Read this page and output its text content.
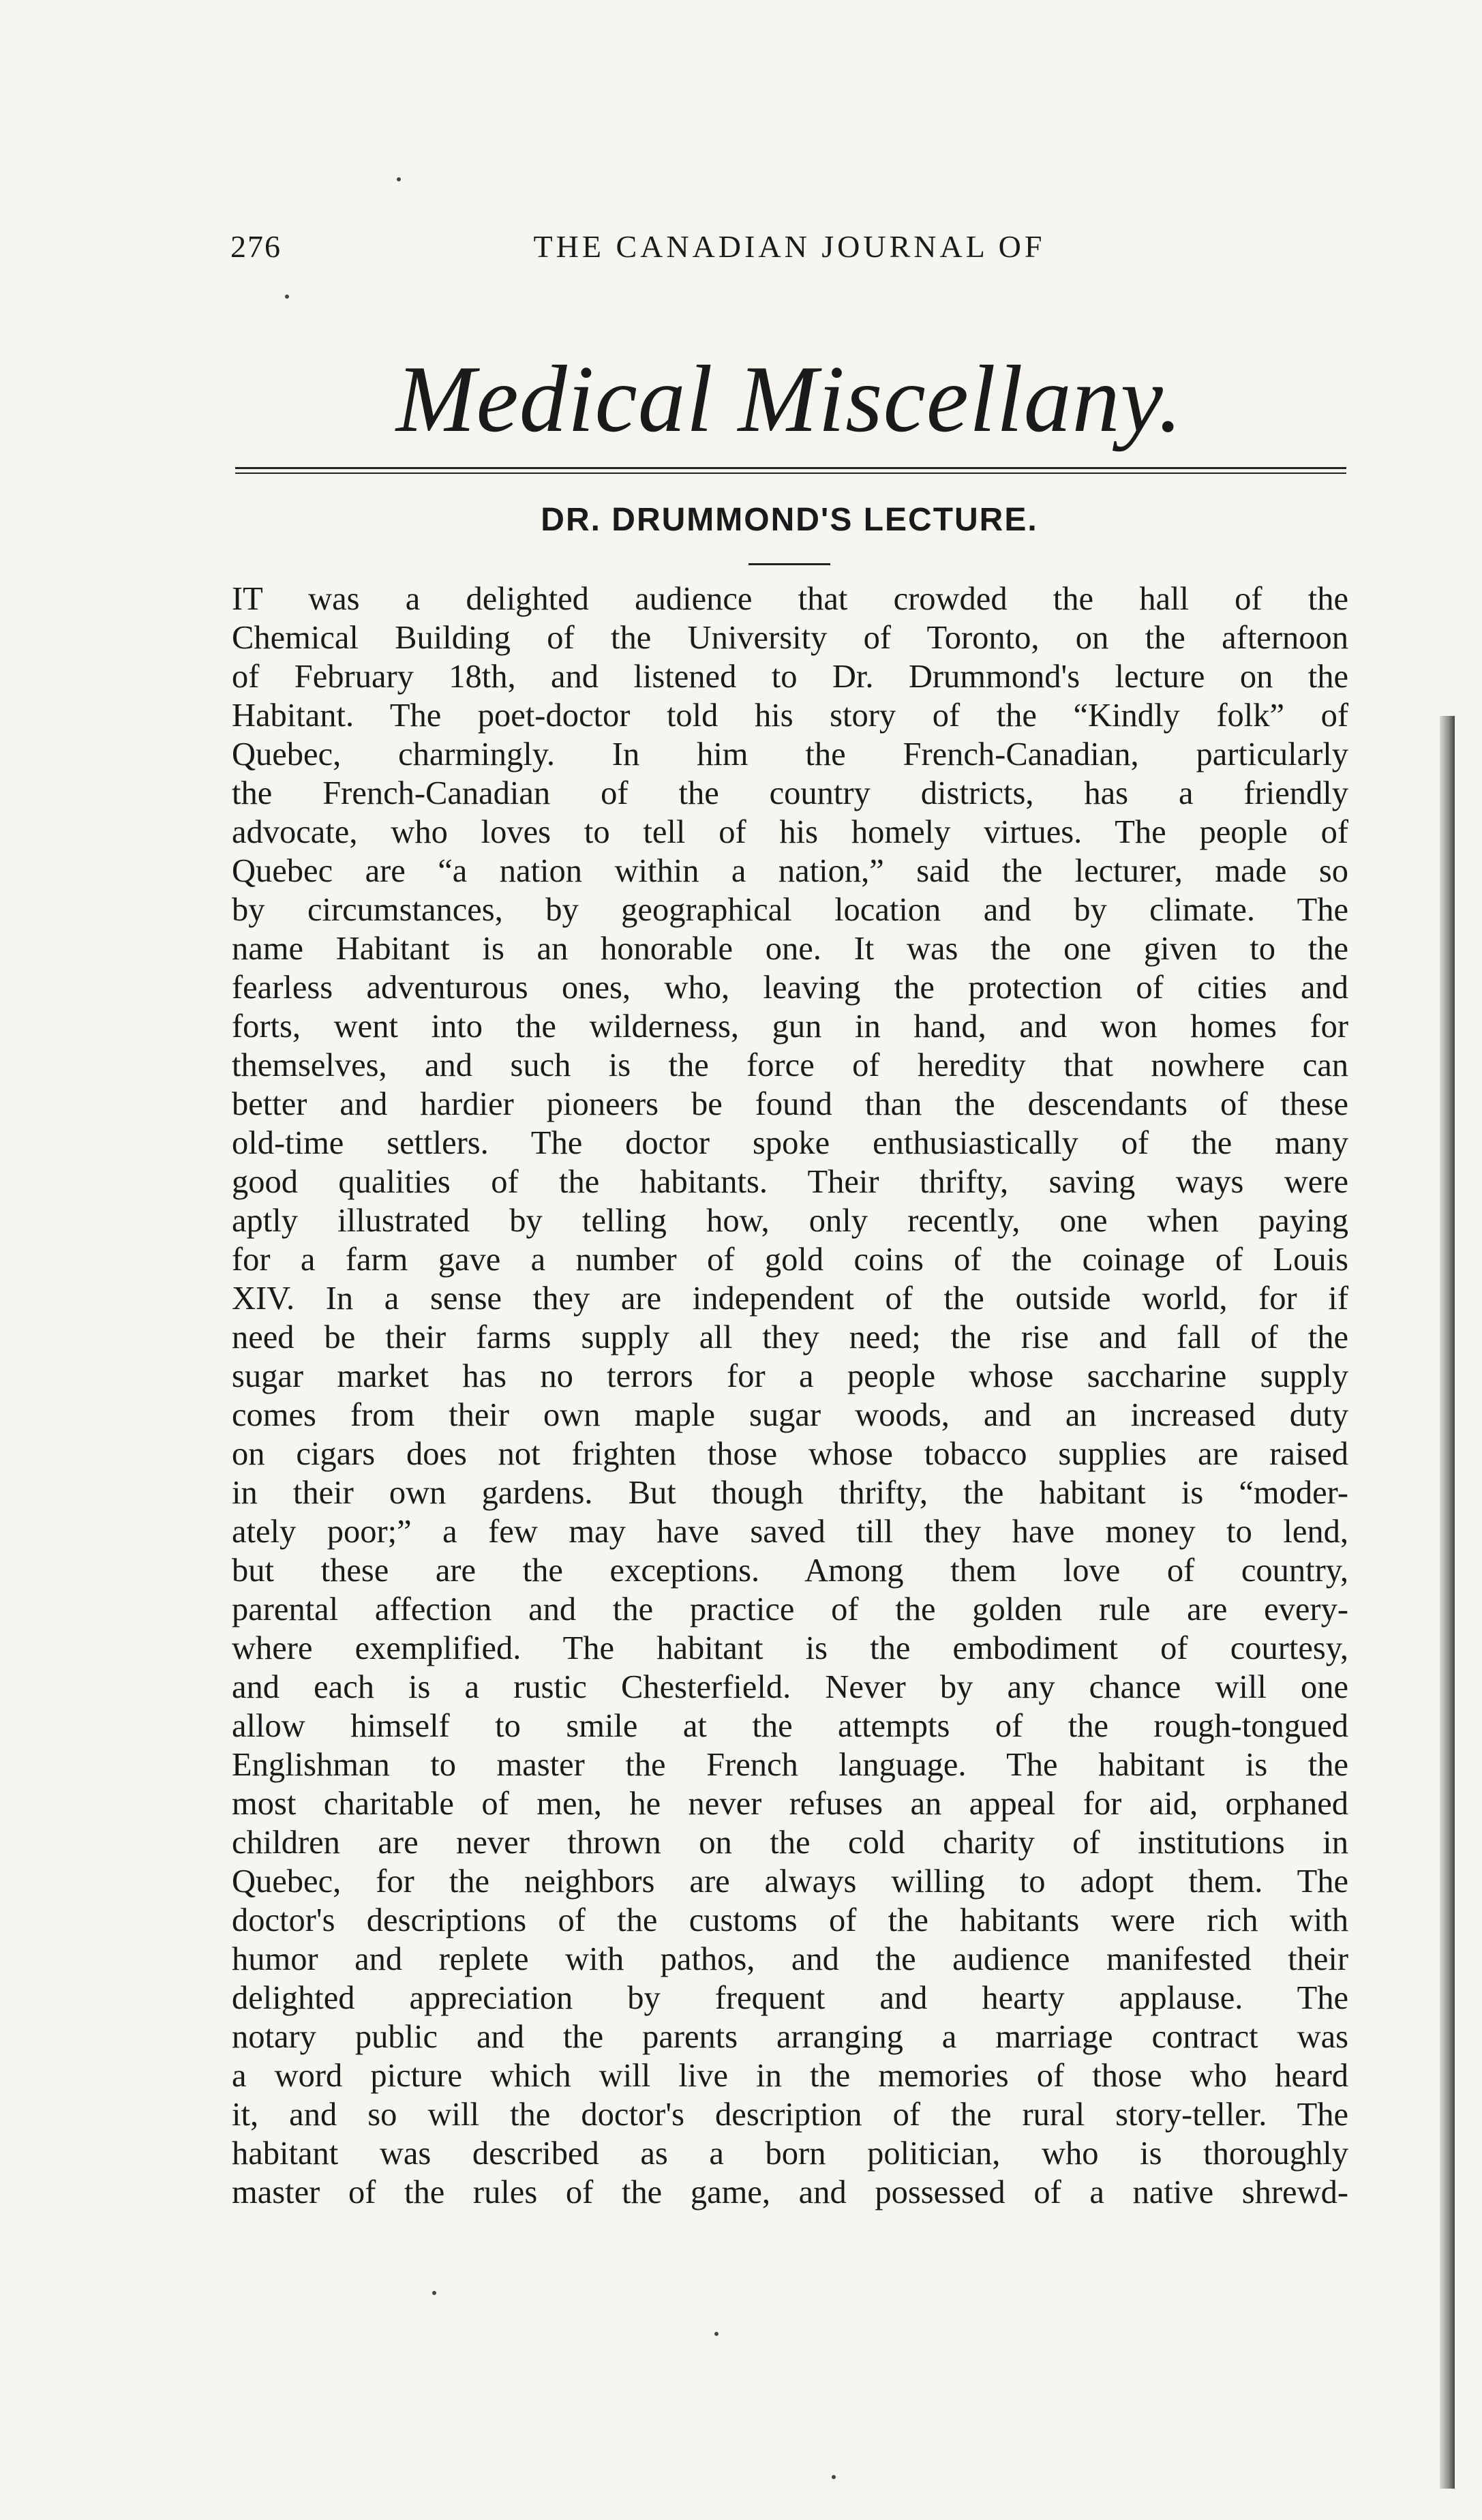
276	THE CANADIAN JOURNAL OF
Medical Miscellany.
DR. DRUMMOND'S LECTURE.
IT was a delighted audience that crowded the hall of the
Chemical Building of the University of Toronto, on the afternoon
of February 18th, and listened to Dr. Drummond's lecture on the
Habitant. The poet-doctor told his story of the “Kindly folk” of
Quebec, charmingly. In him the French-Canadian, particularly
the French-Canadian of the country districts, has a friendly
advocate, who loves to tell of his homely virtues. The people of
Quebec are “a nation within a nation,” said the lecturer, made so
by circumstances, by geographical location and by climate. The
name Habitant is an honorable one. It was the one given to the
fearless adventurous ones, who, leaving the protection of cities and
forts, went into the wilderness, gun in hand, and won homes for
themselves, and such is the force of heredity that nowhere can
better and hardier pioneers be found than the descendants of these
old-time settlers. The doctor spoke enthusiastically of the many
good qualities of the habitants. Their thrifty, saving ways were
aptly illustrated by telling how, only recently, one when paying
for a farm gave a number of gold coins of the coinage of Louis
XIV. In a sense they are independent of the outside world, for if
need be their farms supply all they need; the rise and fall of the
sugar market has no terrors for a people whose saccharine supply
comes from their own maple sugar woods, and an increased duty
on cigars does not frighten those whose tobacco supplies are raised
in their own gardens. But though thrifty, the habitant is “moder-
ately poor;” a few may have saved till they have money to lend,
but these are the exceptions. Among them love of country,
parental affection and the practice of the golden rule are every-
where exemplified. The habitant is the embodiment of courtesy,
and each is a rustic Chesterfield. Never by any chance will one
allow himself to smile at the attempts of the rough-tongued
Englishman to master the French language. The habitant is the
most charitable of men, he never refuses an appeal for aid, orphaned
children are never thrown on the cold charity of institutions in
Quebec, for the neighbors are always willing to adopt them. The
doctor's descriptions of the customs of the habitants were rich with
humor and replete with pathos, and the audience manifested their
delighted appreciation by frequent and hearty applause. The
notary public and the parents arranging a marriage contract was
a word picture which will live in the memories of those who heard
it, and so will the doctor's description of the rural story-teller. The
habitant was described as a born politician, who is thoroughly
master of the rules of the game, and possessed of a native shrewd-
